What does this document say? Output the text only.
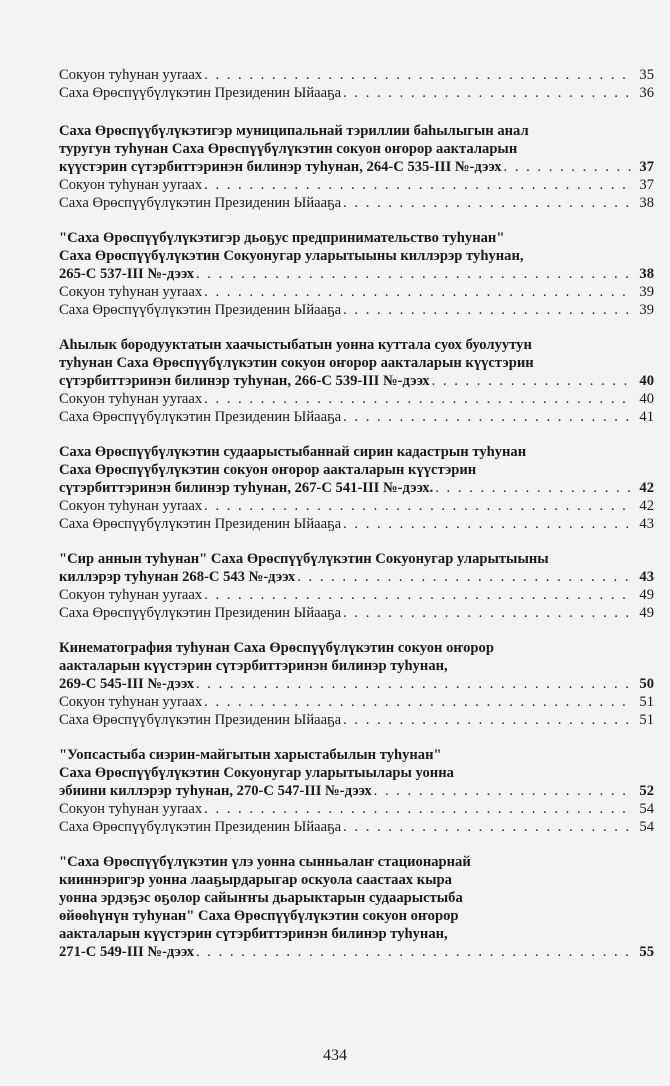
Сокуон туһунан ууraах . . .	35
Саха Өрөспүүбүлүкэтин Президенин Ыйааҕа . . .	36
Саха Өрөспүүбүлүкэтигэр муниципальнай тэриллии баһылыгын анал
туругун туһунан Саха Өрөспүүбүлүкэтин сокуон оҥорор аакталарын
күүстэрин сүтэрбиттэринэн билинэр туһунан, 264-С 535-III №-дээх . . .	37
Сокуон туһунан ууraах . . .	37
Саха Өрөспүүбүлүкэтин Президенин Ыйааҕа . . .	38
"Саха Өрөспүүбүлүкэтигэр дьоҕус предпринимательство туһунан"
Саха Өрөспүүбүлүкэтин Сокуонугар уларытыыны киллэрэр туһунан,
265-С 537-III №-дээх . . .	38
Сокуон туһунан ууraах . . .	39
Саха Өрөспүүбүлүкэтин Президенин Ыйааҕа . . .	39
Аһылык бородууктатын хаачыстыбатын уонна куттала суох буолуутун
туһунан Саха Өрөспүүбүлүкэтин сокуон оҥорор аакталарын күүстэрин
сүтэрбиттэринэн билинэр туһунан, 266-С 539-III №-дээх . . .	40
Сокуон туһунан ууraах . . .	40
Саха Өрөспүүбүлүкэтин Президенин Ыйааҕа . . .	41
Саха Өрөспүүбүлүкэтин судаарыстыбаннай сирин кадастрын туһунан
Саха Өрөспүүбүлүкэтин сокуон оҥорор аакталарын күүстэрин
сүтэрбиттэринэн билинэр туһунан, 267-С 541-III №-дээх. . . .	42
Сокуон туһунан ууraах . . .	42
Саха Өрөспүүбүлүкэтин Президенин Ыйааҕа . . .	43
"Сир аннын туһунан" Саха Өрөспүүбүлүкэтин Сокуонугар уларытыыны
киллэрэр туһунан 268-С 543 №-дээх . . .	43
Сокуон туһунан ууraах . . .	49
Саха Өрөспүүбүлүкэтин Президенин Ыйааҕа . . .	49
Кинематография туһунан Саха Өрөспүүбүлүкэтин сокуон оҥорор
аакталарын күүстэрин сүтэрбиттэринэн билинэр туһунан,
269-С 545-III №-дээх . . .	50
Сокуон туһунан ууraах . . .	51
Саха Өрөспүүбүлүкэтин Президенин Ыйааҕа . . .	51
"Уопсастыба сиэрин-майгытын харыстабылын туһунан"
Саха Өрөспүүбүлүкэтин Сокуонугар уларытыылары уонна
эбиини киллэрэр туһунан, 270-С 547-III №-дээх . . .	52
Сокуон туһунан ууraах . . .	54
Саха Өрөспүүбүлүкэтин Президенин Ыйааҕа . . .	54
"Саха Өрөспүүбүлүкэтин үлэ уонна сынньалаҥ стационарнай
кииннэригэр уонна лааҕырдарыгар оскуола саастаах кыра
уонна эрдэҕэс оҕолор сайыҥҥы дьарыктарын судаарыстыба
өйөөһүнүн туһунан" Саха Өрөспүүбүлүкэтин сокуон оҥорор
аакталарын күүстэрин сүтэрбиттэринэн билинэр туһунан,
271-С 549-III №-дээх . . .	55
434
